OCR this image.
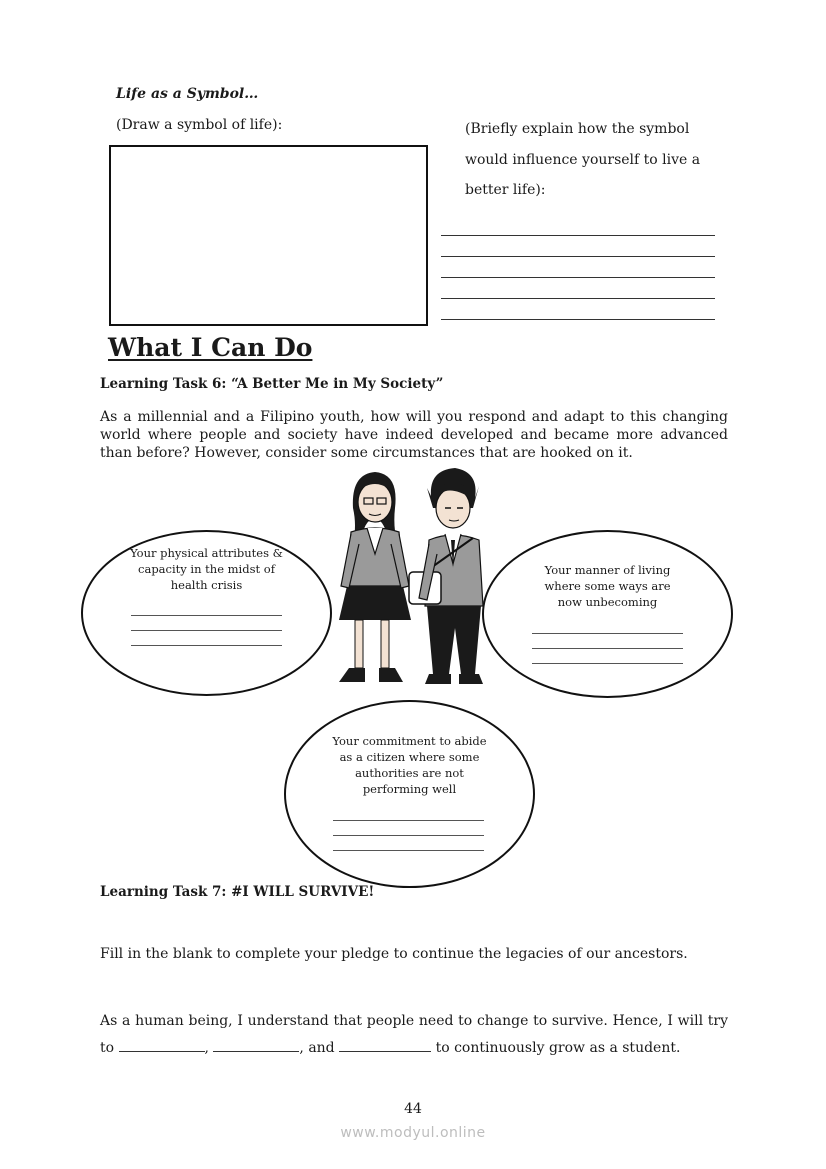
Life as a Symbol…
(Draw a symbol of life):	(Briefly explain how the symbol would influence yourself to live a better life):
What I Can Do
Learning Task 6: “A Better Me in My Society”
As a millennial and a Filipino youth, how will you respond and adapt to this changing world where people and society have indeed developed and became more advanced than before? However, consider some circumstances that are hooked on it.
Your physical attributes & capacity in the midst of health crisis
Your manner of living where some ways are now unbecoming
Your commitment to abide as a citizen where some authorities are not performing well
Learning Task 7: #I WILL SURVIVE!
Fill in the blank to complete your pledge to continue the legacies of our ancestors.
As a human being, I understand that people need to change to survive. Hence, I will try to	,	, and	to continuously grow as a student.
44
www.modyul.online
